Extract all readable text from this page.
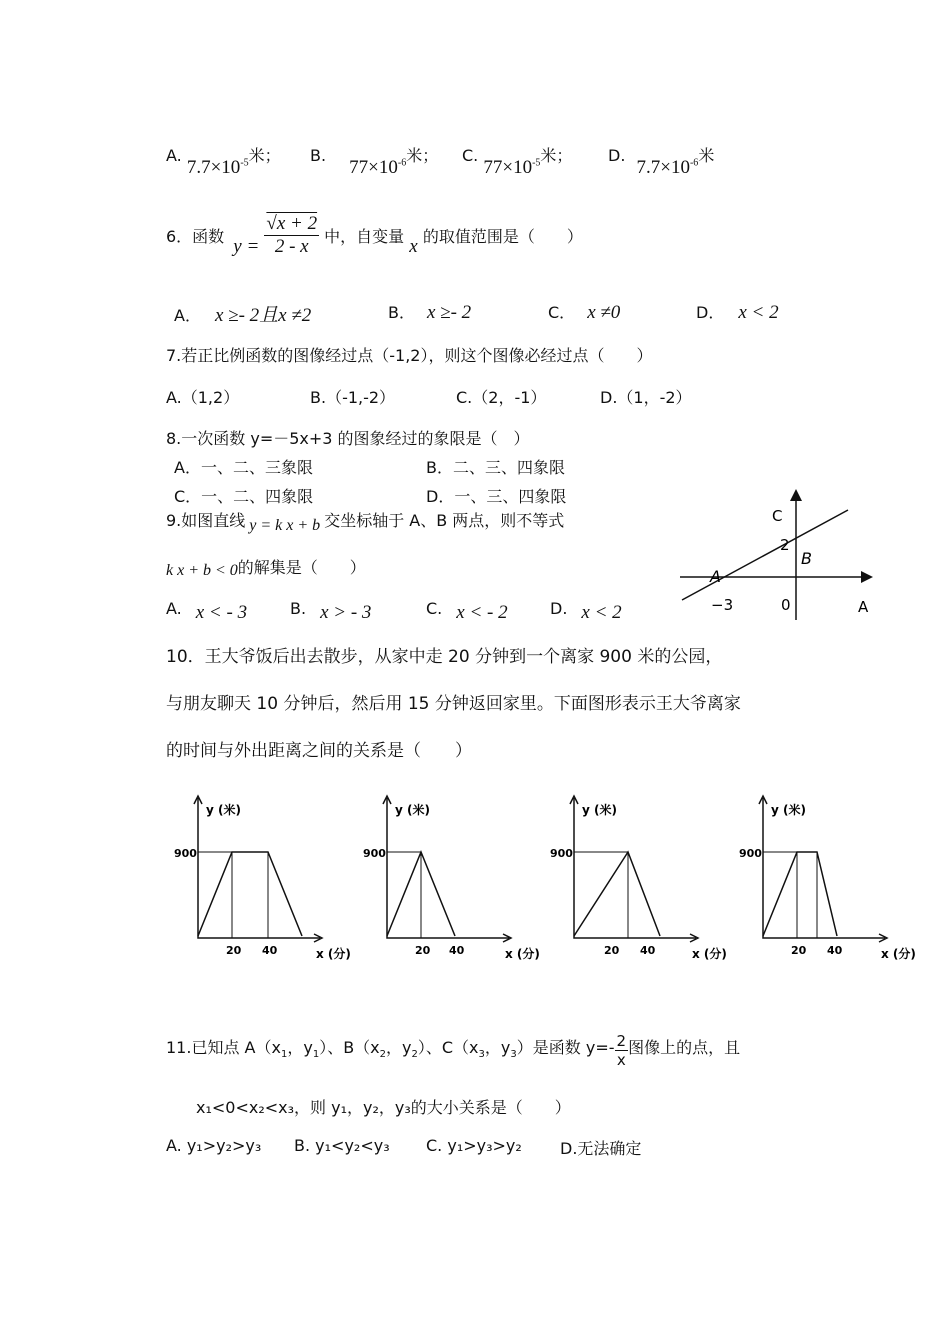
A. $7.7\times 10^{-5}$米； B. $77\times 10^{-6}$米； C. $77\times 10^{-5}$米； D. $7.7\times 10^{-6}$米
6．函数 $y = \frac{√x + 2}{2 - x}$ 中，自变量 x 的取值范围是（　　）
A． x ≥- 2且x ≠2	B． x ≥- 2	C． x ≠0	D． x < 2
7.若正比例函数的图像经过点（-1,2），则这个图像必经过点（　　）
A.（1,2）	B.（-1,-2）	C.（2，-1）	D.（1，-2）
8.一次函数 y=－5x+3 的图象经过的象限是（　）
A．一、二、三象限	B．二、三、四象限
C．一、二、四象限	D．一、三、四象限
9.如图直线 y = k x + b 交坐标轴于 A、B 两点，则不等式
k x + b < 0的解集是（　　）
A. x < - 3	B. x > - 3	C. x < - 2	D. x < 2
C
2
B
A
−3	0	A
10．王大爷饭后出去散步，从家中走 20 分钟到一个离家 900 米的公园，
与朋友聊天 10 分钟后，然后用 15 分钟返回家里。下面图形表示王大爷离家
的时间与外出距离之间的关系是（　　）
y (米)
900
20 40	x (分)
y (米)
900
20 40	x (分)
y (米)
900
20 40	x (分)
y (米)
900
20 40	x (分)
11.已知点 $A(x_1$，$y_1$）、$B(x_2$，$y_2$）、$C(x_3$，$y_3$）是函数 $y=- \frac{2}{x}$ 图像上的点，且
x₁<0<x₂<x₃，则 y₁，y₂，y₃的大小关系是（　　）
A. y₁>y₂>y₃ B. y₁<y₂<y₃ C. y₁>y₃>y₂ D.无法确定
